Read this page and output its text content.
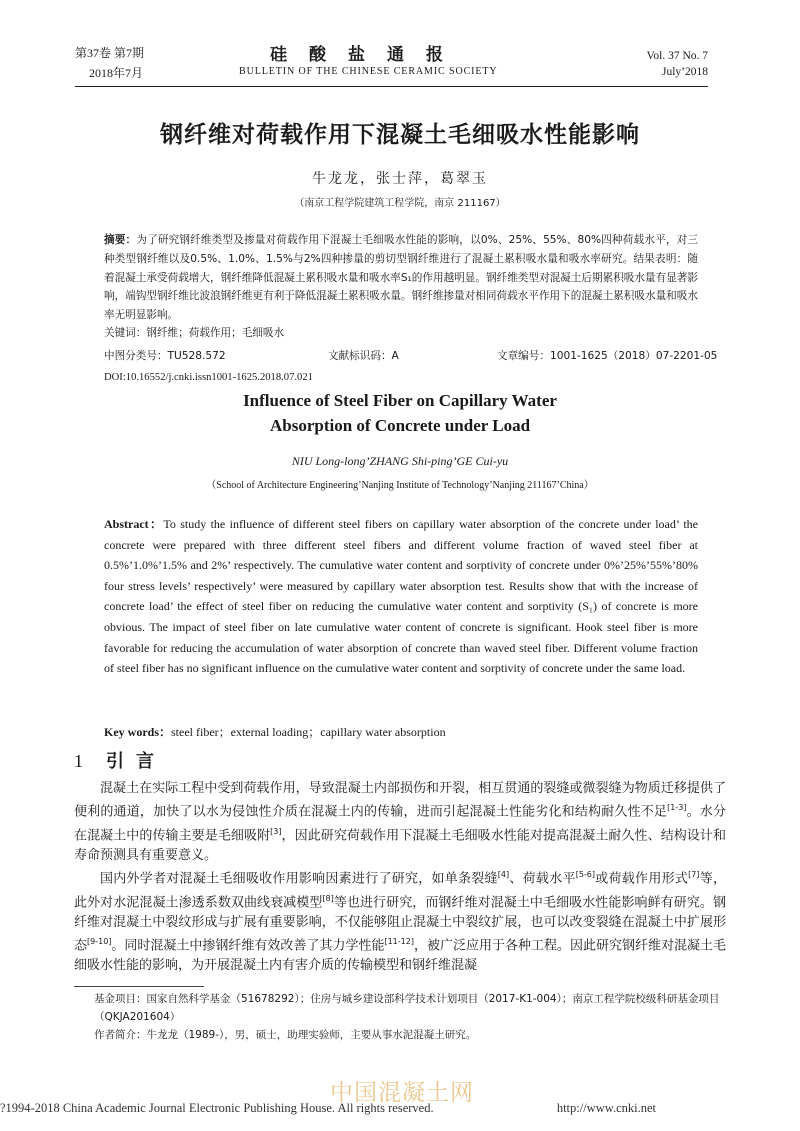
第37卷 第7期
2018年7月
硅酸盐通报
BULLETIN OF THE CHINESE CERAMIC SOCIETY
Vol. 37 No. 7
July’2018
钢纤维对荷载作用下混凝土毛细吸水性能影响
牛龙龙，张士萍，葛翠玉
（南京工程学院建筑工程学院，南京 211167）
摘要：为了研究钢纤维类型及掺量对荷载作用下混凝土毛细吸水性能的影响，以0%、25%、55%、80%四种荷载水平，对三种类型钢纤维以及0.5%、1.0%、1.5%与2%四种掺量的剪切型钢纤维进行了混凝土累积吸水量和吸水率研究。结果表明：随着混凝土承受荷载增大，钢纤维降低混凝土累积吸水量和吸水率S₁的作用越明显。钢纤维类型对混凝土后期累积吸水量有显著影响，端钩型钢纤维比波浪钢纤维更有利于降低混凝土累积吸水量。钢纤维掺量对相同荷载水平作用下的混凝土累积吸水量和吸水率无明显影响。
关键词：钢纤维；荷载作用；毛细吸水
中图分类号：TU528.572	文献标识码：A	文章编号：1001-1625（2018）07-2201-05
DOI:10.16552/j.cnki.issn1001-1625.2018.07.021
Influence of Steel Fiber on Capillary Water
Absorption of Concrete under Load
NIU Long-long’ZHANG Shi-ping’GE Cui-yu
（School of Architecture Engineering’Nanjing Institute of Technology’Nanjing 211167’China）
Abstract：To study the influence of different steel fibers on capillary water absorption of the concrete under load’ the concrete were prepared with three different steel fibers and different volume fraction of waved steel fiber at 0.5%’1.0%’1.5% and 2%’ respectively. The cumulative water content and sorptivity of concrete under 0%’25%’55%’80% four stress levels’ respectively’ were measured by capillary water absorption test. Results show that with the increase of concrete load’ the effect of steel fiber on reducing the cumulative water content and sorptivity (S₁) of concrete is more obvious. The impact of steel fiber on late cumulative water content of concrete is significant. Hook steel fiber is more favorable for reducing the accumulation of water absorption of concrete than waved steel fiber. Different volume fraction of steel fiber has no significant influence on the cumulative water content and sorptivity of concrete under the same load.
Key words：steel fiber；external loading；capillary water absorption
1 引言

混凝土在实际工程中受到荷载作用，导致混凝土内部损伤和开裂，相互贯通的裂缝或微裂缝为物质迁移提供了便利的通道，加快了以水为侵蚀性介质在混凝土内的传输，进而引起混凝土性能劣化和结构耐久性不足[1-3]。水分在混凝土中的传输主要是毛细吸附[3]，因此研究荷载作用下混凝土毛细吸水性能对提高混凝土耐久性、结构设计和寿命预测具有重要意义。

国内外学者对混凝土毛细吸收作用影响因素进行了研究，如单条裂缝[4]、荷载水平[5-6]或荷载作用形式[7]等，此外对水泥混凝土渗透系数双曲线衰减模型[8]等也进行研究，而钢纤维对混凝土中毛细吸水性能影响鲜有研究。钢纤维对混凝土中裂纹形成与扩展有重要影响，不仅能够阻止混凝土中裂纹扩展，也可以改变裂缝在混凝土中扩展形态[9-10]。同时混凝土中掺钢纤维有效改善了其力学性能[11-12]，被广泛应用于各种工程。因此研究钢纤维对混凝土毛细吸水性能的影响，为开展混凝土内有害介质的传输模型和钢纤维混凝

基金项目：国家自然科学基金（51678292）；住房与城乡建设部科学技术计划项目（2017-K1-004）；南京工程学院校级科研基金项目（QKJA201604）

作者简介：牛龙龙（1989-），男，硕士，助理实验师，主要从事水泥混凝土研究。

中国混凝土网
?1994-2018 China Academic Journal Electronic Publishing House. All rights reserved.	http://www.cnki.net
